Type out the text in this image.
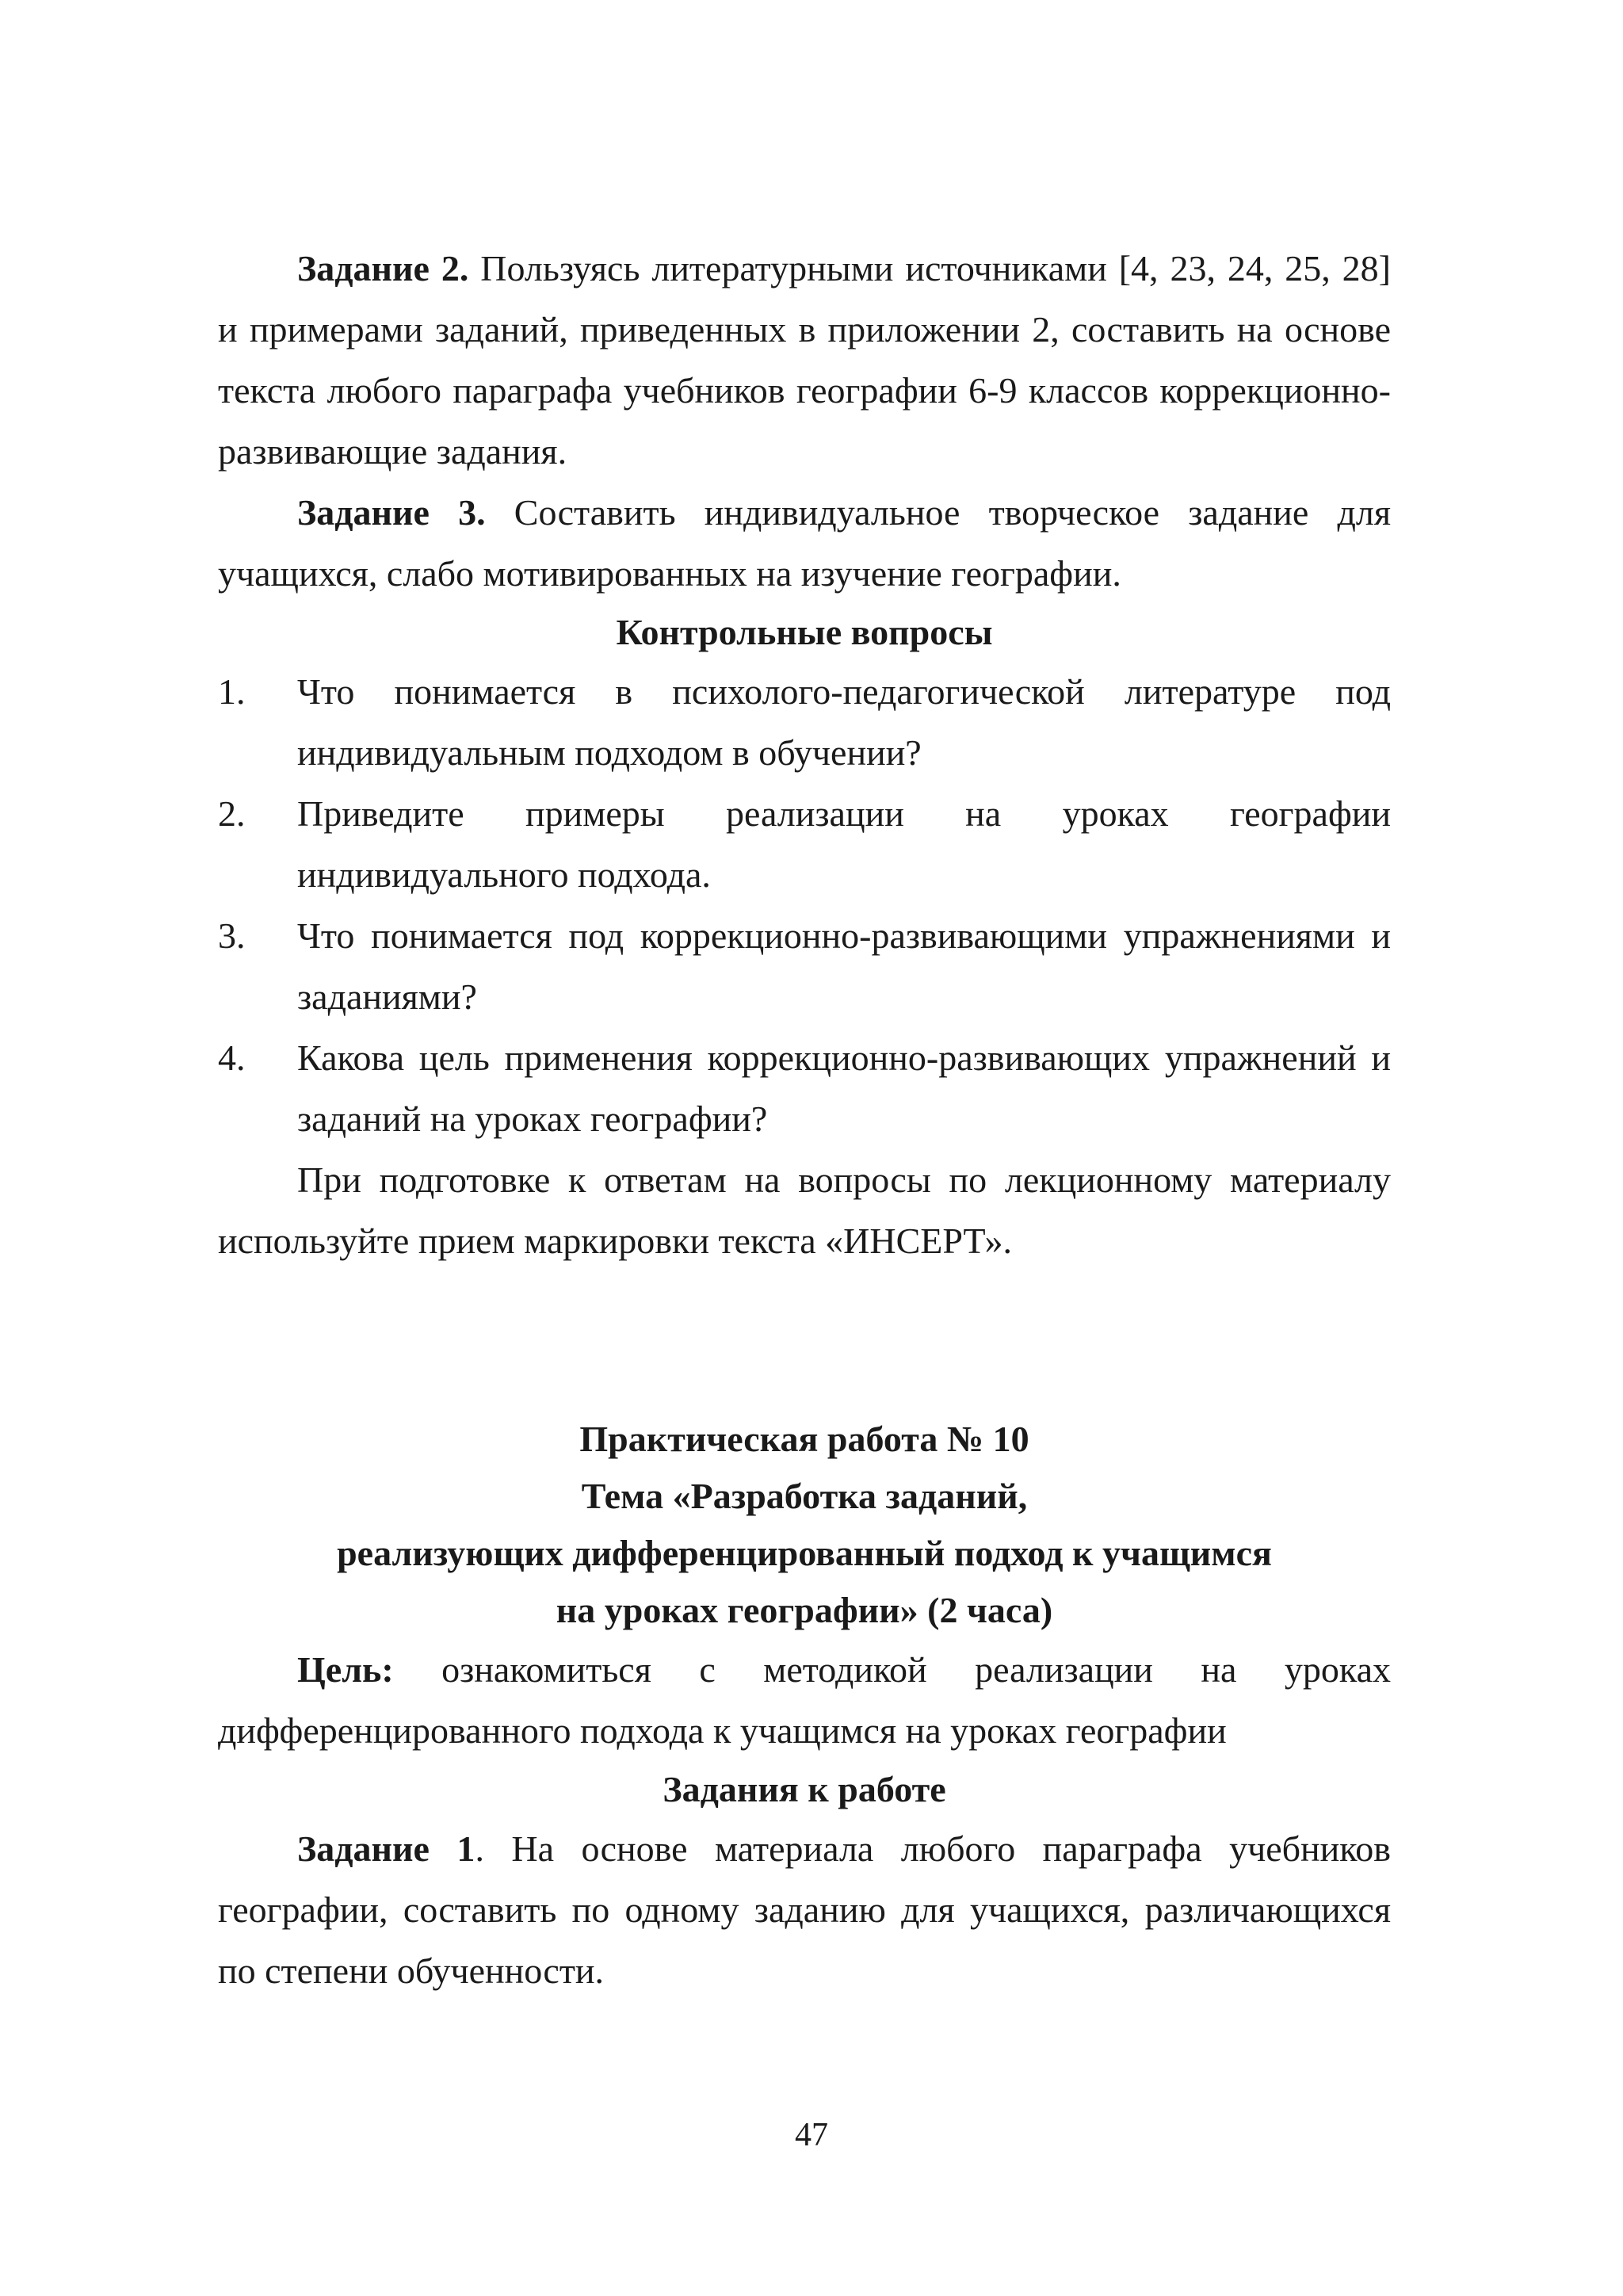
Задание 2. Пользуясь литературными источниками [4, 23, 24, 25, 28] и примерами заданий, приведенных в приложении 2, составить на основе текста любого параграфа учебников географии 6-9 классов коррекционно-развивающие задания.

Задание 3. Составить индивидуальное творческое задание для учащихся, слабо мотивированных на изучение географии.

Контрольные вопросы

1. Что понимается в психолого-педагогической литературе под индивидуальным подходом в обучении?
2. Приведите примеры реализации на уроках географии индивидуального подхода.
3. Что понимается под коррекционно-развивающими упражнениями и заданиями?
4. Какова цель применения коррекционно-развивающих упражнений и заданий на уроках географии?

При подготовке к ответам на вопросы по лекционному материалу используйте прием маркировки текста «ИНСЕРТ».

Практическая работа № 10

Тема «Разработка заданий,

реализующих дифференцированный подход к учащимся

на уроках географии» (2 часа)

Цель: ознакомиться с методикой реализации на уроках дифференцированного подхода к учащимся на уроках географии

Задания к работе

Задание 1. На основе материала любого параграфа учебников географии, составить по одному заданию для учащихся, различающихся по степени обученности.

47
